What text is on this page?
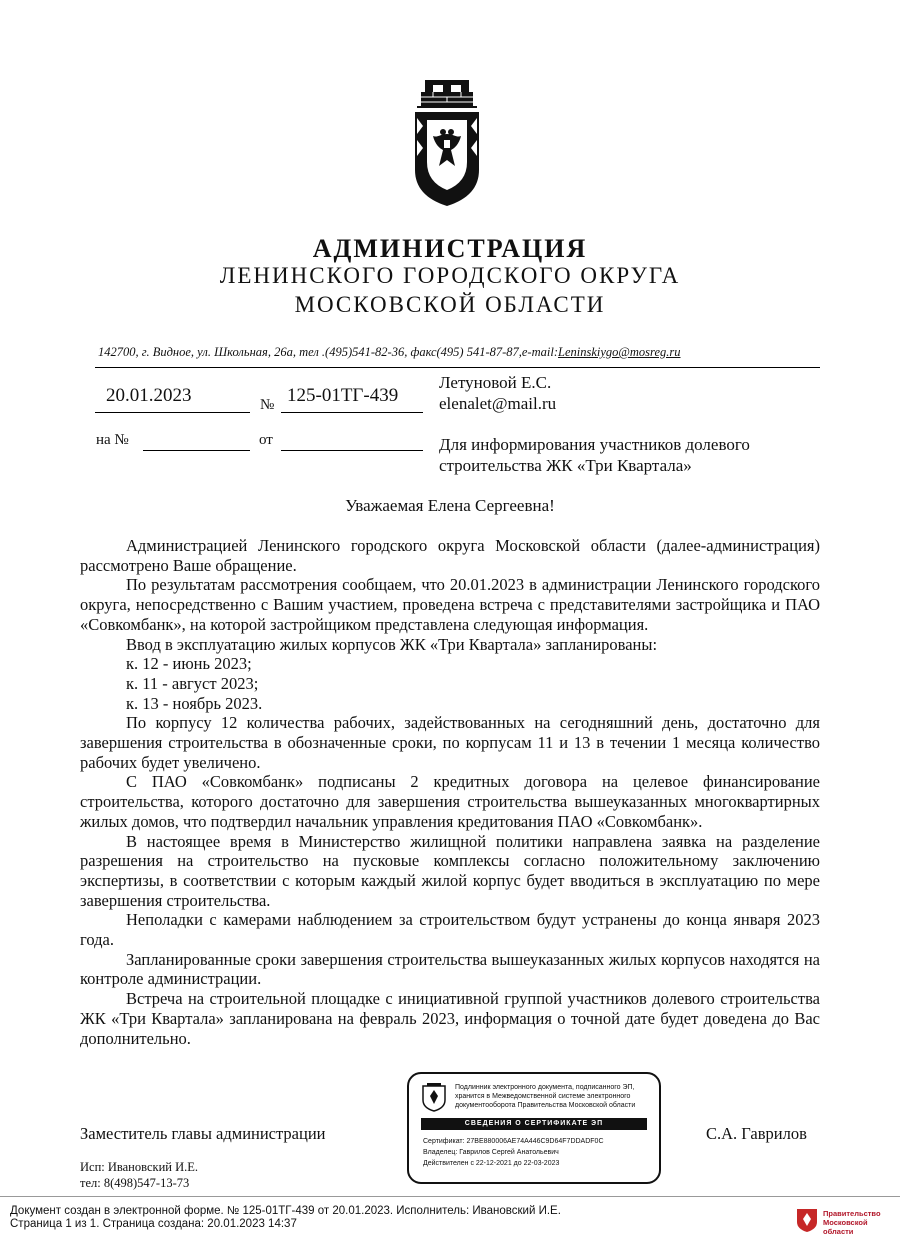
АДМИНИСТРАЦИЯ
ЛЕНИНСКОГО ГОРОДСКОГО ОКРУГА
МОСКОВСКОЙ ОБЛАСТИ
142700, г. Видное, ул. Школьная, 26а, тел .(495)541-82-36, факс(495) 541-87-87,e-mail:Leninskiygo@mosreg.ru
20.01.2023	№ 125-01ТГ-439
на №	от
Летуновой Е.С.
elenalet@mail.ru
Для информирования участников долевого
строительства ЖК «Три Квартала»
Уважаемая Елена Сергеевна!

Администрацией Ленинского городского округа Московской области (далее-администрация) рассмотрено Ваше обращение.

По результатам рассмотрения сообщаем, что 20.01.2023 в администрации Ленинского городского округа, непосредственно с Вашим участием, проведена встреча с представителями застройщика и ПАО «Совкомбанк», на которой застройщиком представлена следующая информация.

Ввод в эксплуатацию жилых корпусов ЖК «Три Квартала» запланированы:

к. 12 - июнь 2023;

к. 11 - август 2023;

к. 13 - ноябрь 2023.

По корпусу 12 количества рабочих, задействованных на сегодняшний день, достаточно для завершения строительства в обозначенные сроки, по корпусам 11 и 13 в течении 1 месяца количество рабочих будет увеличено.

С ПАО «Совкомбанк» подписаны 2 кредитных договора на целевое финансирование строительства, которого достаточно для завершения строительства вышеуказанных многоквартирных жилых домов, что подтвердил начальник управления кредитования ПАО «Совкомбанк».

В настоящее время в Министерство жилищной политики направлена заявка на разделение разрешения на строительство на пусковые комплексы согласно положительному заключению экспертизы, в соответствии с которым каждый жилой корпус будет вводиться в эксплуатацию по мере завершения строительства.

Неполадки с камерами наблюдением за строительством будут устранены до конца января 2023 года.

Запланированные сроки завершения строительства вышеуказанных жилых корпусов находятся на контроле администрации.

Встреча на строительной площадке с инициативной группой участников долевого строительства ЖК «Три Квартала» запланирована на февраль 2023, информация о точной дате будет доведена до Вас дополнительно.

Подлинник электронного документа, подписанного ЭП, хранится в Межведомственной системе электронного документооборота Правительства Московской области
СВЕДЕНИЯ О СЕРТИФИКАТЕ ЭП
Сертификат: 27BE880006AE74A446C9D64F7DDADF0C
Владелец: Гаврилов Сергей Анатольевич
Действителен с 22-12-2021 до 22-03-2023
Заместитель главы администрации	С.А. Гаврилов
Исп: Ивановский И.Е.
тел: 8(498)547-13-73
Документ создан в электронной форме. № 125-01ТГ-439 от 20.01.2023. Исполнитель: Ивановский И.Е.
Страница 1 из 1. Страница создана: 20.01.2023 14:37
Правительство
Московской области
